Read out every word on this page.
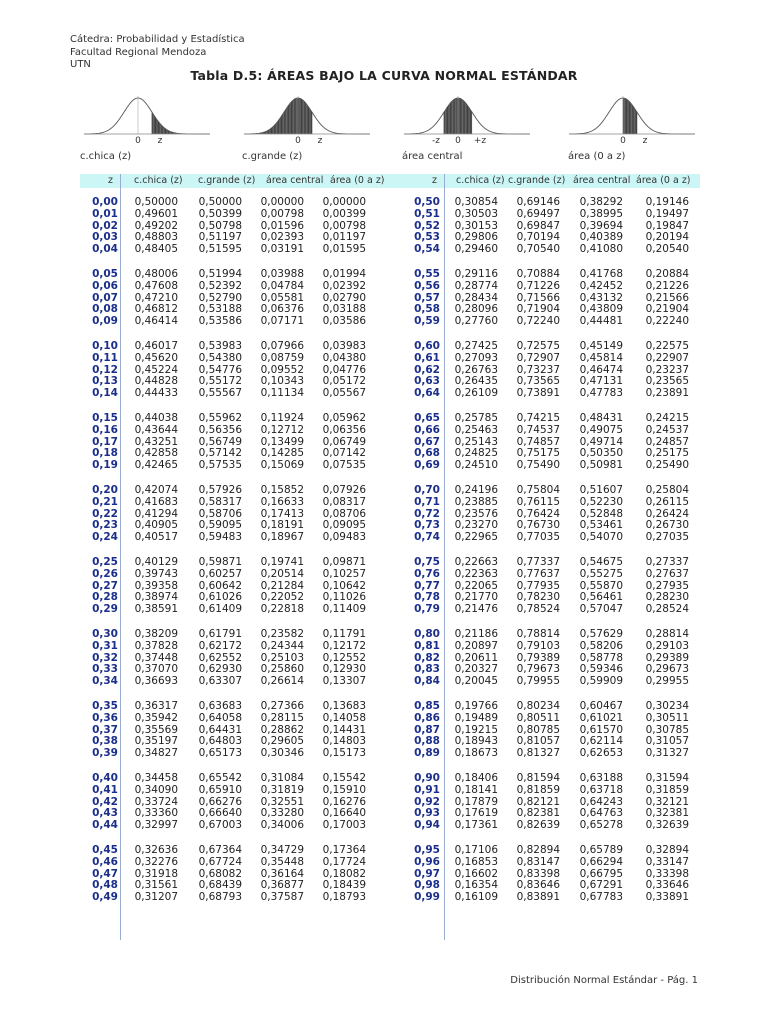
Cátedra: Probabilidad y Estadística
Facultad Regional Mendoza
UTN
Tabla D.5: ÁREAS BAJO LA CURVA NORMAL ESTÁNDAR
0 z	0 z	-z 0 +z	0 z
c.chica (z)	c.grande (z)	área central	área (0 a z)
z c.chica (z) c.grande (z) área central área (0 a z)	z c.chica (z) c.grande (z) área central área (0 a z)
0,00 0,50000 0,50000 0,00000 0,00000
0,01 0,49601 0,50399 0,00798 0,00399
0,02 0,49202 0,50798 0,01596 0,00798
0,03 0,48803 0,51197 0,02393 0,01197
0,04 0,48405 0,51595 0,03191 0,01595
0,05 0,48006 0,51994 0,03988 0,01994
0,06 0,47608 0,52392 0,04784 0,02392
0,07 0,47210 0,52790 0,05581 0,02790
0,08 0,46812 0,53188 0,06376 0,03188
0,09 0,46414 0,53586 0,07171 0,03586
0,10 0,46017 0,53983 0,07966 0,03983
0,11 0,45620 0,54380 0,08759 0,04380
0,12 0,45224 0,54776 0,09552 0,04776
0,13 0,44828 0,55172 0,10343 0,05172
0,14 0,44433 0,55567 0,11134 0,05567
0,15 0,44038 0,55962 0,11924 0,05962
0,16 0,43644 0,56356 0,12712 0,06356
0,17 0,43251 0,56749 0,13499 0,06749
0,18 0,42858 0,57142 0,14285 0,07142
0,19 0,42465 0,57535 0,15069 0,07535
0,20 0,42074 0,57926 0,15852 0,07926
0,21 0,41683 0,58317 0,16633 0,08317
0,22 0,41294 0,58706 0,17413 0,08706
0,23 0,40905 0,59095 0,18191 0,09095
0,24 0,40517 0,59483 0,18967 0,09483
0,25 0,40129 0,59871 0,19741 0,09871
0,26 0,39743 0,60257 0,20514 0,10257
0,27 0,39358 0,60642 0,21284 0,10642
0,28 0,38974 0,61026 0,22052 0,11026
0,29 0,38591 0,61409 0,22818 0,11409
0,30 0,38209 0,61791 0,23582 0,11791
0,31 0,37828 0,62172 0,24344 0,12172
0,32 0,37448 0,62552 0,25103 0,12552
0,33 0,37070 0,62930 0,25860 0,12930
0,34 0,36693 0,63307 0,26614 0,13307
0,35 0,36317 0,63683 0,27366 0,13683
0,36 0,35942 0,64058 0,28115 0,14058
0,37 0,35569 0,64431 0,28862 0,14431
0,38 0,35197 0,64803 0,29605 0,14803
0,39 0,34827 0,65173 0,30346 0,15173
0,40 0,34458 0,65542 0,31084 0,15542
0,41 0,34090 0,65910 0,31819 0,15910
0,42 0,33724 0,66276 0,32551 0,16276
0,43 0,33360 0,66640 0,33280 0,16640
0,44 0,32997 0,67003 0,34006 0,17003
0,45 0,32636 0,67364 0,34729 0,17364
0,46 0,32276 0,67724 0,35448 0,17724
0,47 0,31918 0,68082 0,36164 0,18082
0,48 0,31561 0,68439 0,36877 0,18439
0,49 0,31207 0,68793 0,37587 0,18793
0,50 0,30854 0,69146 0,38292 0,19146
0,51 0,30503 0,69497 0,38995 0,19497
0,52 0,30153 0,69847 0,39694 0,19847
0,53 0,29806 0,70194 0,40389 0,20194
0,54 0,29460 0,70540 0,41080 0,20540
0,55 0,29116 0,70884 0,41768 0,20884
0,56 0,28774 0,71226 0,42452 0,21226
0,57 0,28434 0,71566 0,43132 0,21566
0,58 0,28096 0,71904 0,43809 0,21904
0,59 0,27760 0,72240 0,44481 0,22240
0,60 0,27425 0,72575 0,45149 0,22575
0,61 0,27093 0,72907 0,45814 0,22907
0,62 0,26763 0,73237 0,46474 0,23237
0,63 0,26435 0,73565 0,47131 0,23565
0,64 0,26109 0,73891 0,47783 0,23891
0,65 0,25785 0,74215 0,48431 0,24215
0,66 0,25463 0,74537 0,49075 0,24537
0,67 0,25143 0,74857 0,49714 0,24857
0,68 0,24825 0,75175 0,50350 0,25175
0,69 0,24510 0,75490 0,50981 0,25490
0,70 0,24196 0,75804 0,51607 0,25804
0,71 0,23885 0,76115 0,52230 0,26115
0,72 0,23576 0,76424 0,52848 0,26424
0,73 0,23270 0,76730 0,53461 0,26730
0,74 0,22965 0,77035 0,54070 0,27035
0,75 0,22663 0,77337 0,54675 0,27337
0,76 0,22363 0,77637 0,55275 0,27637
0,77 0,22065 0,77935 0,55870 0,27935
0,78 0,21770 0,78230 0,56461 0,28230
0,79 0,21476 0,78524 0,57047 0,28524
0,80 0,21186 0,78814 0,57629 0,28814
0,81 0,20897 0,79103 0,58206 0,29103
0,82 0,20611 0,79389 0,58778 0,29389
0,83 0,20327 0,79673 0,59346 0,29673
0,84 0,20045 0,79955 0,59909 0,29955
0,85 0,19766 0,80234 0,60467 0,30234
0,86 0,19489 0,80511 0,61021 0,30511
0,87 0,19215 0,80785 0,61570 0,30785
0,88 0,18943 0,81057 0,62114 0,31057
0,89 0,18673 0,81327 0,62653 0,31327
0,90 0,18406 0,81594 0,63188 0,31594
0,91 0,18141 0,81859 0,63718 0,31859
0,92 0,17879 0,82121 0,64243 0,32121
0,93 0,17619 0,82381 0,64763 0,32381
0,94 0,17361 0,82639 0,65278 0,32639
0,95 0,17106 0,82894 0,65789 0,32894
0,96 0,16853 0,83147 0,66294 0,33147
0,97 0,16602 0,83398 0,66795 0,33398
0,98 0,16354 0,83646 0,67291 0,33646
0,99 0,16109 0,83891 0,67783 0,33891
Distribución Normal Estándar - Pág. 1
